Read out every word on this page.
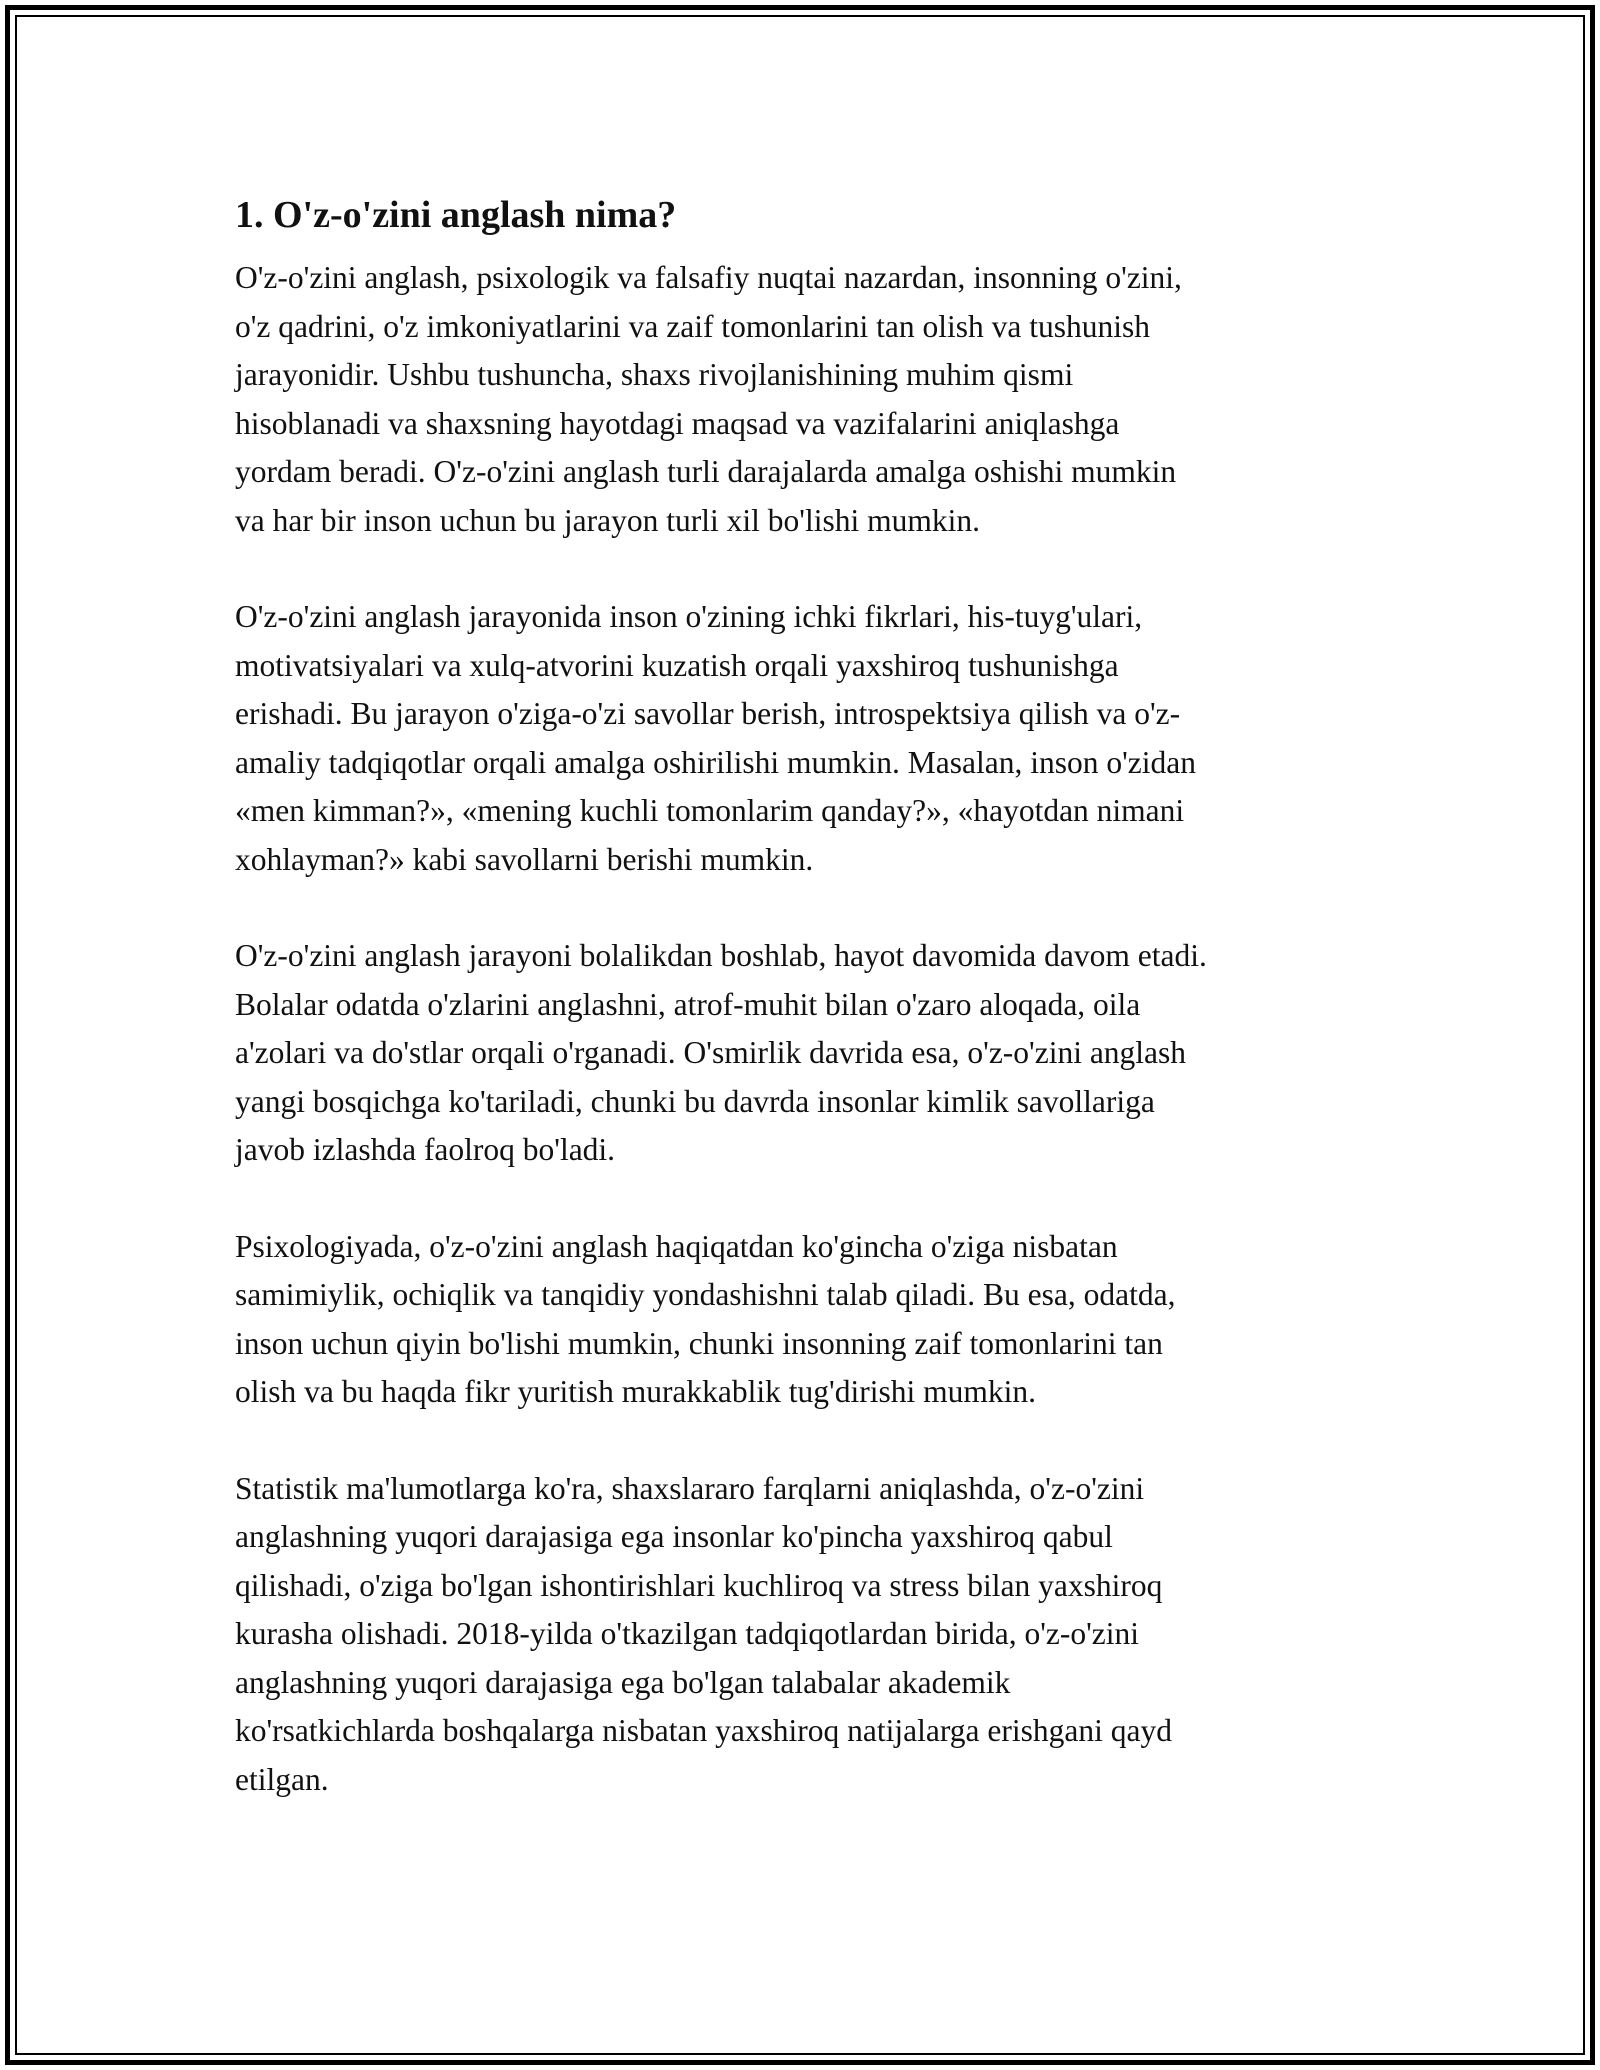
1. O'z-o'zini anglash nima?
O'z-o'zini anglash, psixologik va falsafiy nuqtai nazardan, insonning o'zini,
o'z qadrini, o'z imkoniyatlarini va zaif tomonlarini tan olish va tushunish
jarayonidir. Ushbu tushuncha, shaxs rivojlanishining muhim qismi
hisoblanadi va shaxsning hayotdagi maqsad va vazifalarini aniqlashga
yordam beradi. O'z-o'zini anglash turli darajalarda amalga oshishi mumkin
va har bir inson uchun bu jarayon turli xil bo'lishi mumkin.
O'z-o'zini anglash jarayonida inson o'zining ichki fikrlari, his-tuyg'ulari,
motivatsiyalari va xulq-atvorini kuzatish orqali yaxshiroq tushunishga
erishadi. Bu jarayon o'ziga-o'zi savollar berish, introspektsiya qilish va o'z-
amaliy tadqiqotlar orqali amalga oshirilishi mumkin. Masalan, inson o'zidan
«men kimman?», «mening kuchli tomonlarim qanday?», «hayotdan nimani
xohlayman?» kabi savollarni berishi mumkin.
O'z-o'zini anglash jarayoni bolalikdan boshlab, hayot davomida davom etadi.
Bolalar odatda o'zlarini anglashni, atrof-muhit bilan o'zaro aloqada, oila
a'zolari va do'stlar orqali o'rganadi. O'smirlik davrida esa, o'z-o'zini anglash
yangi bosqichga ko'tariladi, chunki bu davrda insonlar kimlik savollariga
javob izlashda faolroq bo'ladi.
Psixologiyada, o'z-o'zini anglash haqiqatdan ko'gincha o'ziga nisbatan
samimiylik, ochiqlik va tanqidiy yondashishni talab qiladi. Bu esa, odatda,
inson uchun qiyin bo'lishi mumkin, chunki insonning zaif tomonlarini tan
olish va bu haqda fikr yuritish murakkablik tug'dirishi mumkin.
Statistik ma'lumotlarga ko'ra, shaxslararo farqlarni aniqlashda, o'z-o'zini
anglashning yuqori darajasiga ega insonlar ko'pincha yaxshiroq qabul
qilishadi, o'ziga bo'lgan ishontirishlari kuchliroq va stress bilan yaxshiroq
kurasha olishadi. 2018-yilda o'tkazilgan tadqiqotlardan birida, o'z-o'zini
anglashning yuqori darajasiga ega bo'lgan talabalar akademik
ko'rsatkichlarda boshqalarga nisbatan yaxshiroq natijalarga erishgani qayd
etilgan.
